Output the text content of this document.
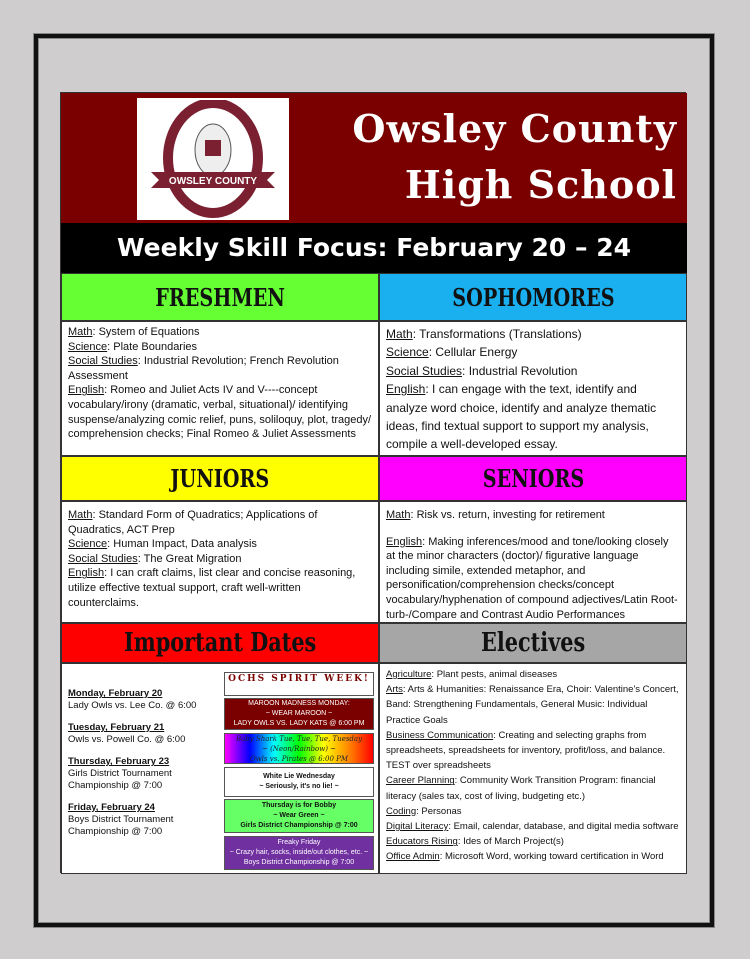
OWSLEY COUNTY
Owsley County
High School
Weekly Skill Focus: February 20 – 24
FRESHMEN	SOPHOMORES
Math: System of Equations
Science: Plate Boundaries
Social Studies: Industrial Revolution; French Revolution Assessment
English: Romeo and Juliet Acts IV and V----concept vocabulary/irony (dramatic, verbal, situational)/ identifying suspense/analyzing comic relief, puns, soliloquy, plot, tragedy/ comprehension checks; Final Romeo & Juliet Assessments
Math: Transformations (Translations)
Science: Cellular Energy
Social Studies: Industrial Revolution
English: I can engage with the text, identify and analyze word choice, identify and analyze thematic ideas, find textual support to support my analysis, compile a well-developed essay.
JUNIORS	SENIORS
Math: Standard Form of Quadratics; Applications of Quadratics, ACT Prep
Science: Human Impact, Data analysis
Social Studies: The Great Migration
English: I can craft claims, list clear and concise reasoning, utilize effective textual support, craft well-written counterclaims.
Math: Risk vs. return, investing for retirement
English: Making inferences/mood and tone/looking closely at the minor characters (doctor)/ figurative language including simile, extended metaphor, and personification/comprehension checks/concept vocabulary/hyphenation of compound adjectives/Latin Root-turb-/Compare and Contrast Audio Performances
Important Dates	Electives
Monday, February 20
Lady Owls vs. Lee Co. @ 6:00
Tuesday, February 21
Owls vs. Powell Co. @ 6:00
Thursday, February 23
Girls District Tournament
Championship @ 7:00
Friday, February 24
Boys District Tournament
Championship @ 7:00
OCHS SPIRIT WEEK!
MAROON MADNESS MONDAY:
~ WEAR MAROON ~
LADY OWLS VS. LADY KATS @ 6:00 PM
Baby Shark Tue, Tue, Tue, Tuesday
~ (Neon/Rainbow) ~
Owls vs. Pirates @ 6:00 PM
White Lie Wednesday
~ Seriously, it's no lie! ~
Thursday is for Bobby
~ Wear Green ~
Girls District Championship @ 7:00
Freaky Friday
~ Crazy hair, socks, inside/out clothes, etc. ~
Boys District Championship @ 7:00
Agriculture: Plant pests, animal diseases
Arts: Arts & Humanities: Renaissance Era, Choir: Valentine's Concert, Band: Strengthening Fundamentals, General Music: Individual Practice Goals
Business Communication: Creating and selecting graphs from spreadsheets, spreadsheets for inventory, profit/loss, and balance. TEST over spreadsheets
Career Planning: Community Work Transition Program: financial literacy (sales tax, cost of living, budgeting etc.)
Coding: Personas
Digital Literacy: Email, calendar, database, and digital media software
Educators Rising: Ides of March Project(s)
Office Admin: Microsoft Word, working toward certification in Word
